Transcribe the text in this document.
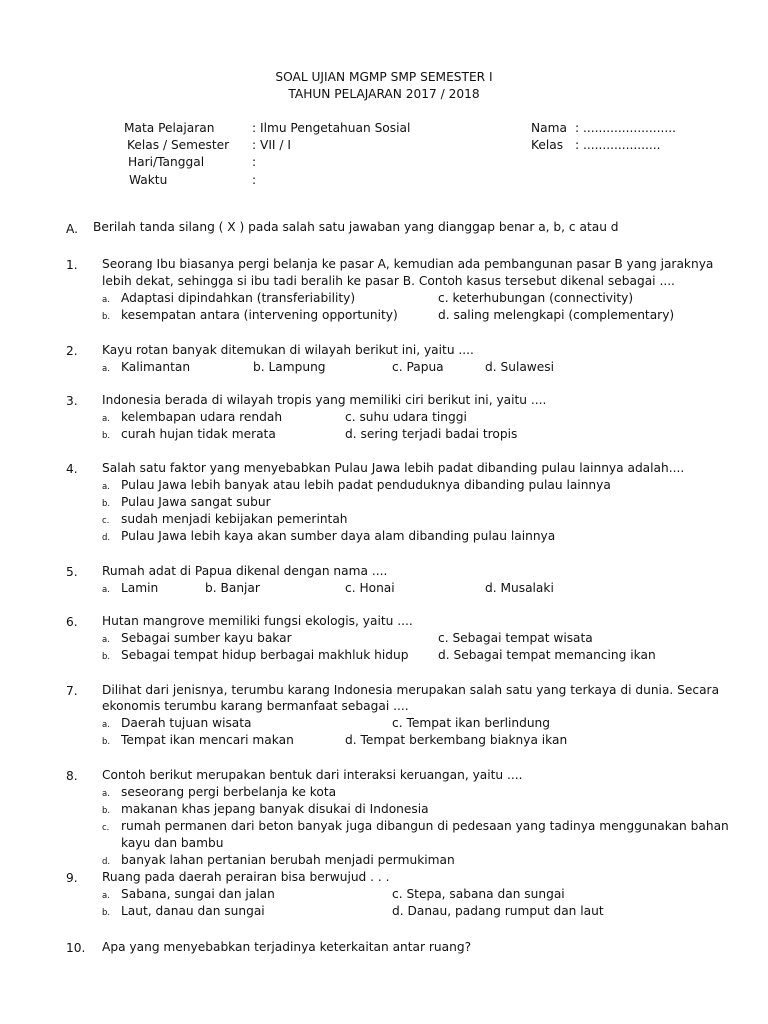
SOAL UJIAN MGMP SMP SEMESTER I
TAHUN PELAJARAN 2017 / 2018
Mata Pelajaran	: Ilmu Pengetahuan Sosial
Kelas / Semester : VII / I
Hari/Tanggal	:
Waktu	:
Nama : ........................
Kelas : ....................
A. Berilah tanda silang ( X ) pada salah satu jawaban yang dianggap benar a, b, c atau d
1. Seorang Ibu biasanya pergi belanja ke pasar A, kemudian ada pembangunan pasar B yang jaraknya
lebih dekat, sehingga si ibu tadi beralih ke pasar B. Contoh kasus tersebut dikenal sebagai ....
a. Adaptasi dipindahkan (transferiability)
b. kesempatan antara (intervening opportunity)
c. keterhubungan (connectivity)
d. saling melengkapi (complementary)
2. Kayu rotan banyak ditemukan di wilayah berikut ini, yaitu ....
a. Kalimantan	b. Lampung	c. Papua	d. Sulawesi
3. Indonesia berada di wilayah tropis yang memiliki ciri berikut ini, yaitu ....
a. kelembapan udara rendah
b. curah hujan tidak merata
c. suhu udara tinggi
d. sering terjadi badai tropis
4. Salah satu faktor yang menyebabkan Pulau Jawa lebih padat dibanding pulau lainnya adalah....
a. Pulau Jawa lebih banyak atau lebih padat penduduknya dibanding pulau lainnya
b. Pulau Jawa sangat subur
c. sudah menjadi kebijakan pemerintah
d. Pulau Jawa lebih kaya akan sumber daya alam dibanding pulau lainnya
5. Rumah adat di Papua dikenal dengan nama ....
a. Lamin	b. Banjar	c. Honai	d. Musalaki
6. Hutan mangrove memiliki fungsi ekologis, yaitu ....
a. Sebagai sumber kayu bakar
b. Sebagai tempat hidup berbagai makhluk hidup
c. Sebagai tempat wisata
d. Sebagai tempat memancing ikan
7. Dilihat dari jenisnya, terumbu karang Indonesia merupakan salah satu yang terkaya di dunia. Secara
ekonomis terumbu karang bermanfaat sebagai ....
a. Daerah tujuan wisata
b. Tempat ikan mencari makan
c. Tempat ikan berlindung
d. Tempat berkembang biaknya ikan
8. Contoh berikut merupakan bentuk dari interaksi keruangan, yaitu ....
a. seseorang pergi berbelanja ke kota
b. makanan khas jepang banyak disukai di Indonesia
c. rumah permanen dari beton banyak juga dibangun di pedesaan yang tadinya menggunakan bahan
kayu dan bambu
d. banyak lahan pertanian berubah menjadi permukiman
9. Ruang pada daerah perairan bisa berwujud . . .
a. Sabana, sungai dan jalan
b. Laut, danau dan sungai
c. Stepa, sabana dan sungai
d. Danau, padang rumput dan laut
10. Apa yang menyebabkan terjadinya keterkaitan antar ruang?
